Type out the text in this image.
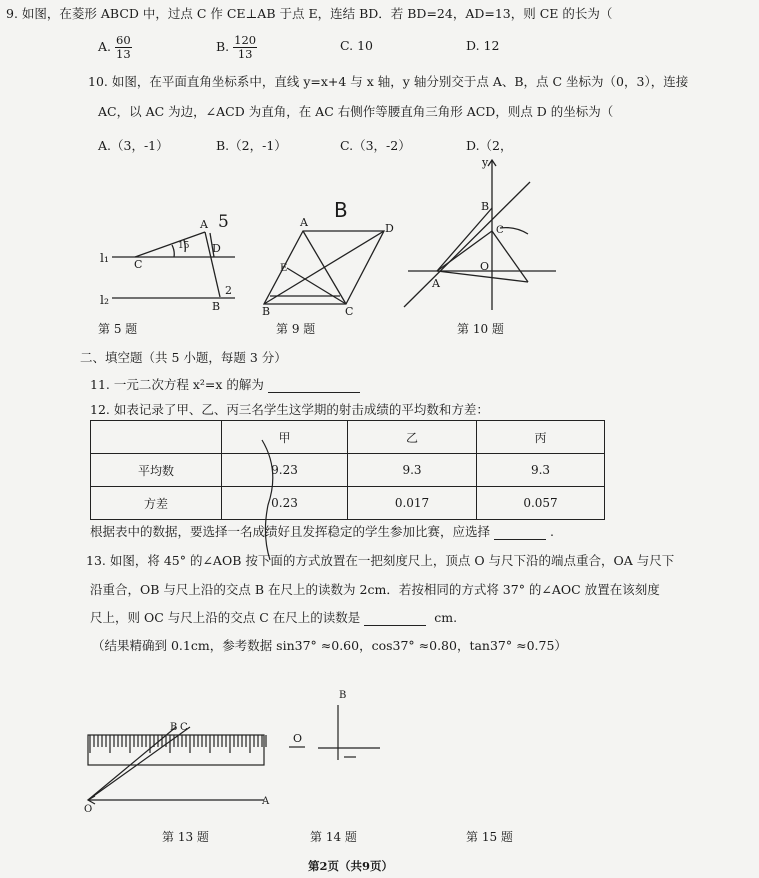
9. 如图，在菱形 ABCD 中，过点 C 作 CE⊥AB 于点 E，连结 BD．若 BD=24，AD=13，则 CE 的长为（
A. $\frac{60}{13}$	B. $\frac{120}{13}$	C. 10	D. 12
10. 如图，在平面直角坐标系中，直线 y=x+4 与 x 轴，y 轴分别交于点 A、B，点 C 坐标为（0，3），连接
AC，以 AC 为边，∠ACD 为直角，在 AC 右侧作等腰直角三角形 ACD，则点 D 的坐标为（
A.（3，-1）	B.（2，-1）	C.（3，-2）	D.（2，
l₁
l₂
A 5
D
C
15
B
2
第 5 题
A
B
D
E
B	C
第 9 题
y
B
C
O
A
第 10 题
二、填空题（共 5 小题，每题 3 分）
11. 一元二次方程 x²=x 的解为
12. 如表记录了甲、乙、丙三名学生这学期的射击成绩的平均数和方差：
	甲	乙	丙
平均数	9.23	9.3	9.3
方差	0.23	0.017	0.057
根据表中的数据，要选择一名成绩好且发挥稳定的学生参加比赛，应选择	.
13. 如图，将 45° 的∠AOB 按下面的方式放置在一把刻度尺上，顶点 O 与尺下沿的端点重合，OA 与尺下
沿重合，OB 与尺上沿的交点 B 在尺上的读数为 2cm．若按相同的方式将 37° 的∠AOC 放置在该刻度
尺上，则 OC 与尺上沿的交点 C 在尺上的读数是	cm.
（结果精确到 0.1cm，参考数据 sin37° ≈0.60，cos37° ≈0.80，tan37° ≈0.75）
B C
O
A
第 13 题
B
O
第 14 题	第 15 题
第2页（共9页）
